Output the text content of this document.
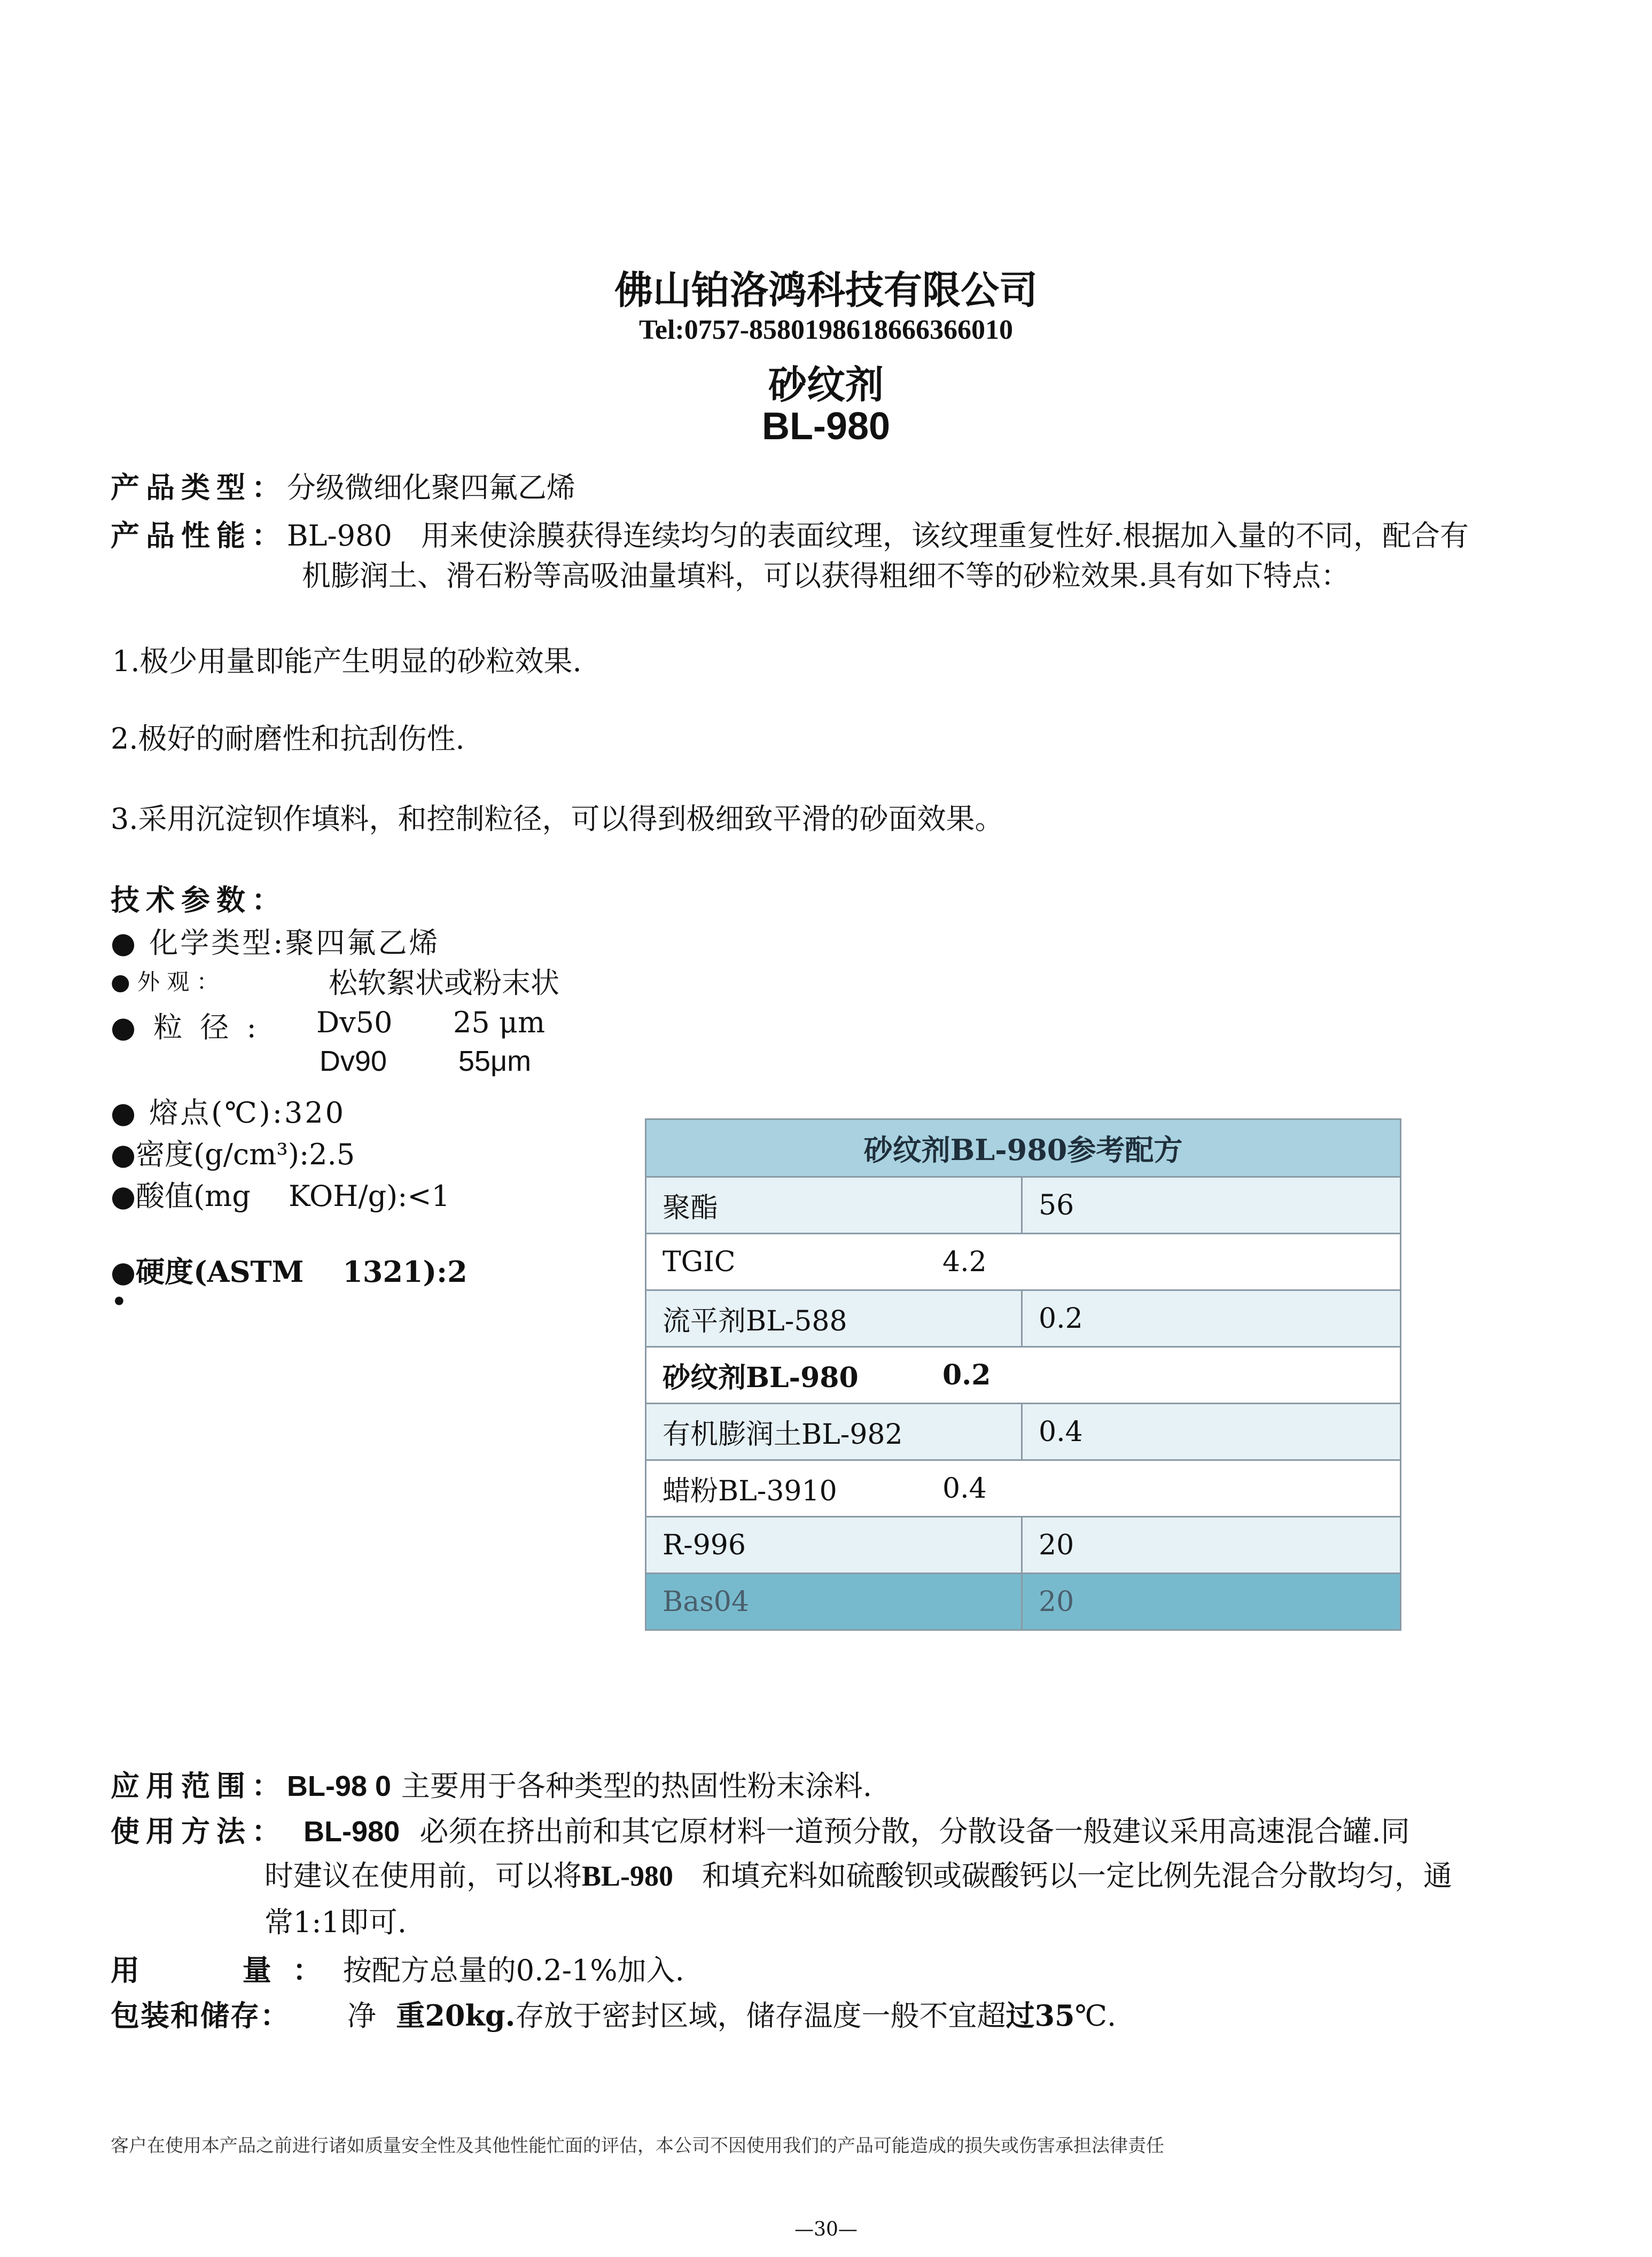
佛山铂洛鸿科技有限公司
Tel:0757-8580198618666366010
砂纹剂
BL-980
产品类型：分级微细化聚四氟乙烯
产品性能：BL-980　用来使涂膜获得连续均匀的表面纹理，该纹理重复性好.根据加入量的不同，配合有
机膨润土、滑石粉等高吸油量填料，可以获得粗细不等的砂粒效果.具有如下特点：
1.极少用量即能产生明显的砂粒效果.
2.极好的耐磨性和抗刮伤性.
3.采用沉淀钡作填料，和控制粒径，可以得到极细致平滑的砂面效果。
技术参数：
● 化学类型:聚四氟乙烯
● 外 观 ：	松软絮状或粉末状
● 粒 径 : Dv50 25 μm
Dv90 55μm
● 熔点(℃):320
●密度(g/cm³):2.5
●酸值(mg　 KOH/g):<1
●硬度(ASTM　 1321):2
•
砂纹剂BL-980参考配方
聚酯	56
TGIC	4.2
流平剂BL-588	0.2
砂纹剂BL-980	0.2
有机膨润土BL-982	0.4
蜡粉BL-3910	0.4
R-996	20
Bas04	20
应用范围：BL-98 0 主要用于各种类型的热固性粉末涂料.
使用方法： BL-980 必须在挤出前和其它原材料一道预分散，分散设备一般建议采用高速混合罐.同
时建议在使用前，可以将BL-980　 和填充料如硫酸钡或碳酸钙以一定比例先混合分散均匀，通
常1:1即可.
用　 量：按配方总量的0.2-1%加入.
包装和储存： 净 重20kg.存放于密封区域，储存温度一般不宜超过35℃.
客户在使用本产品之前进行诸如质量安全性及其他性能忙面的评估，本公司不因使用我们的产品可能造成的损失或伤害承担法律责任
—30—
